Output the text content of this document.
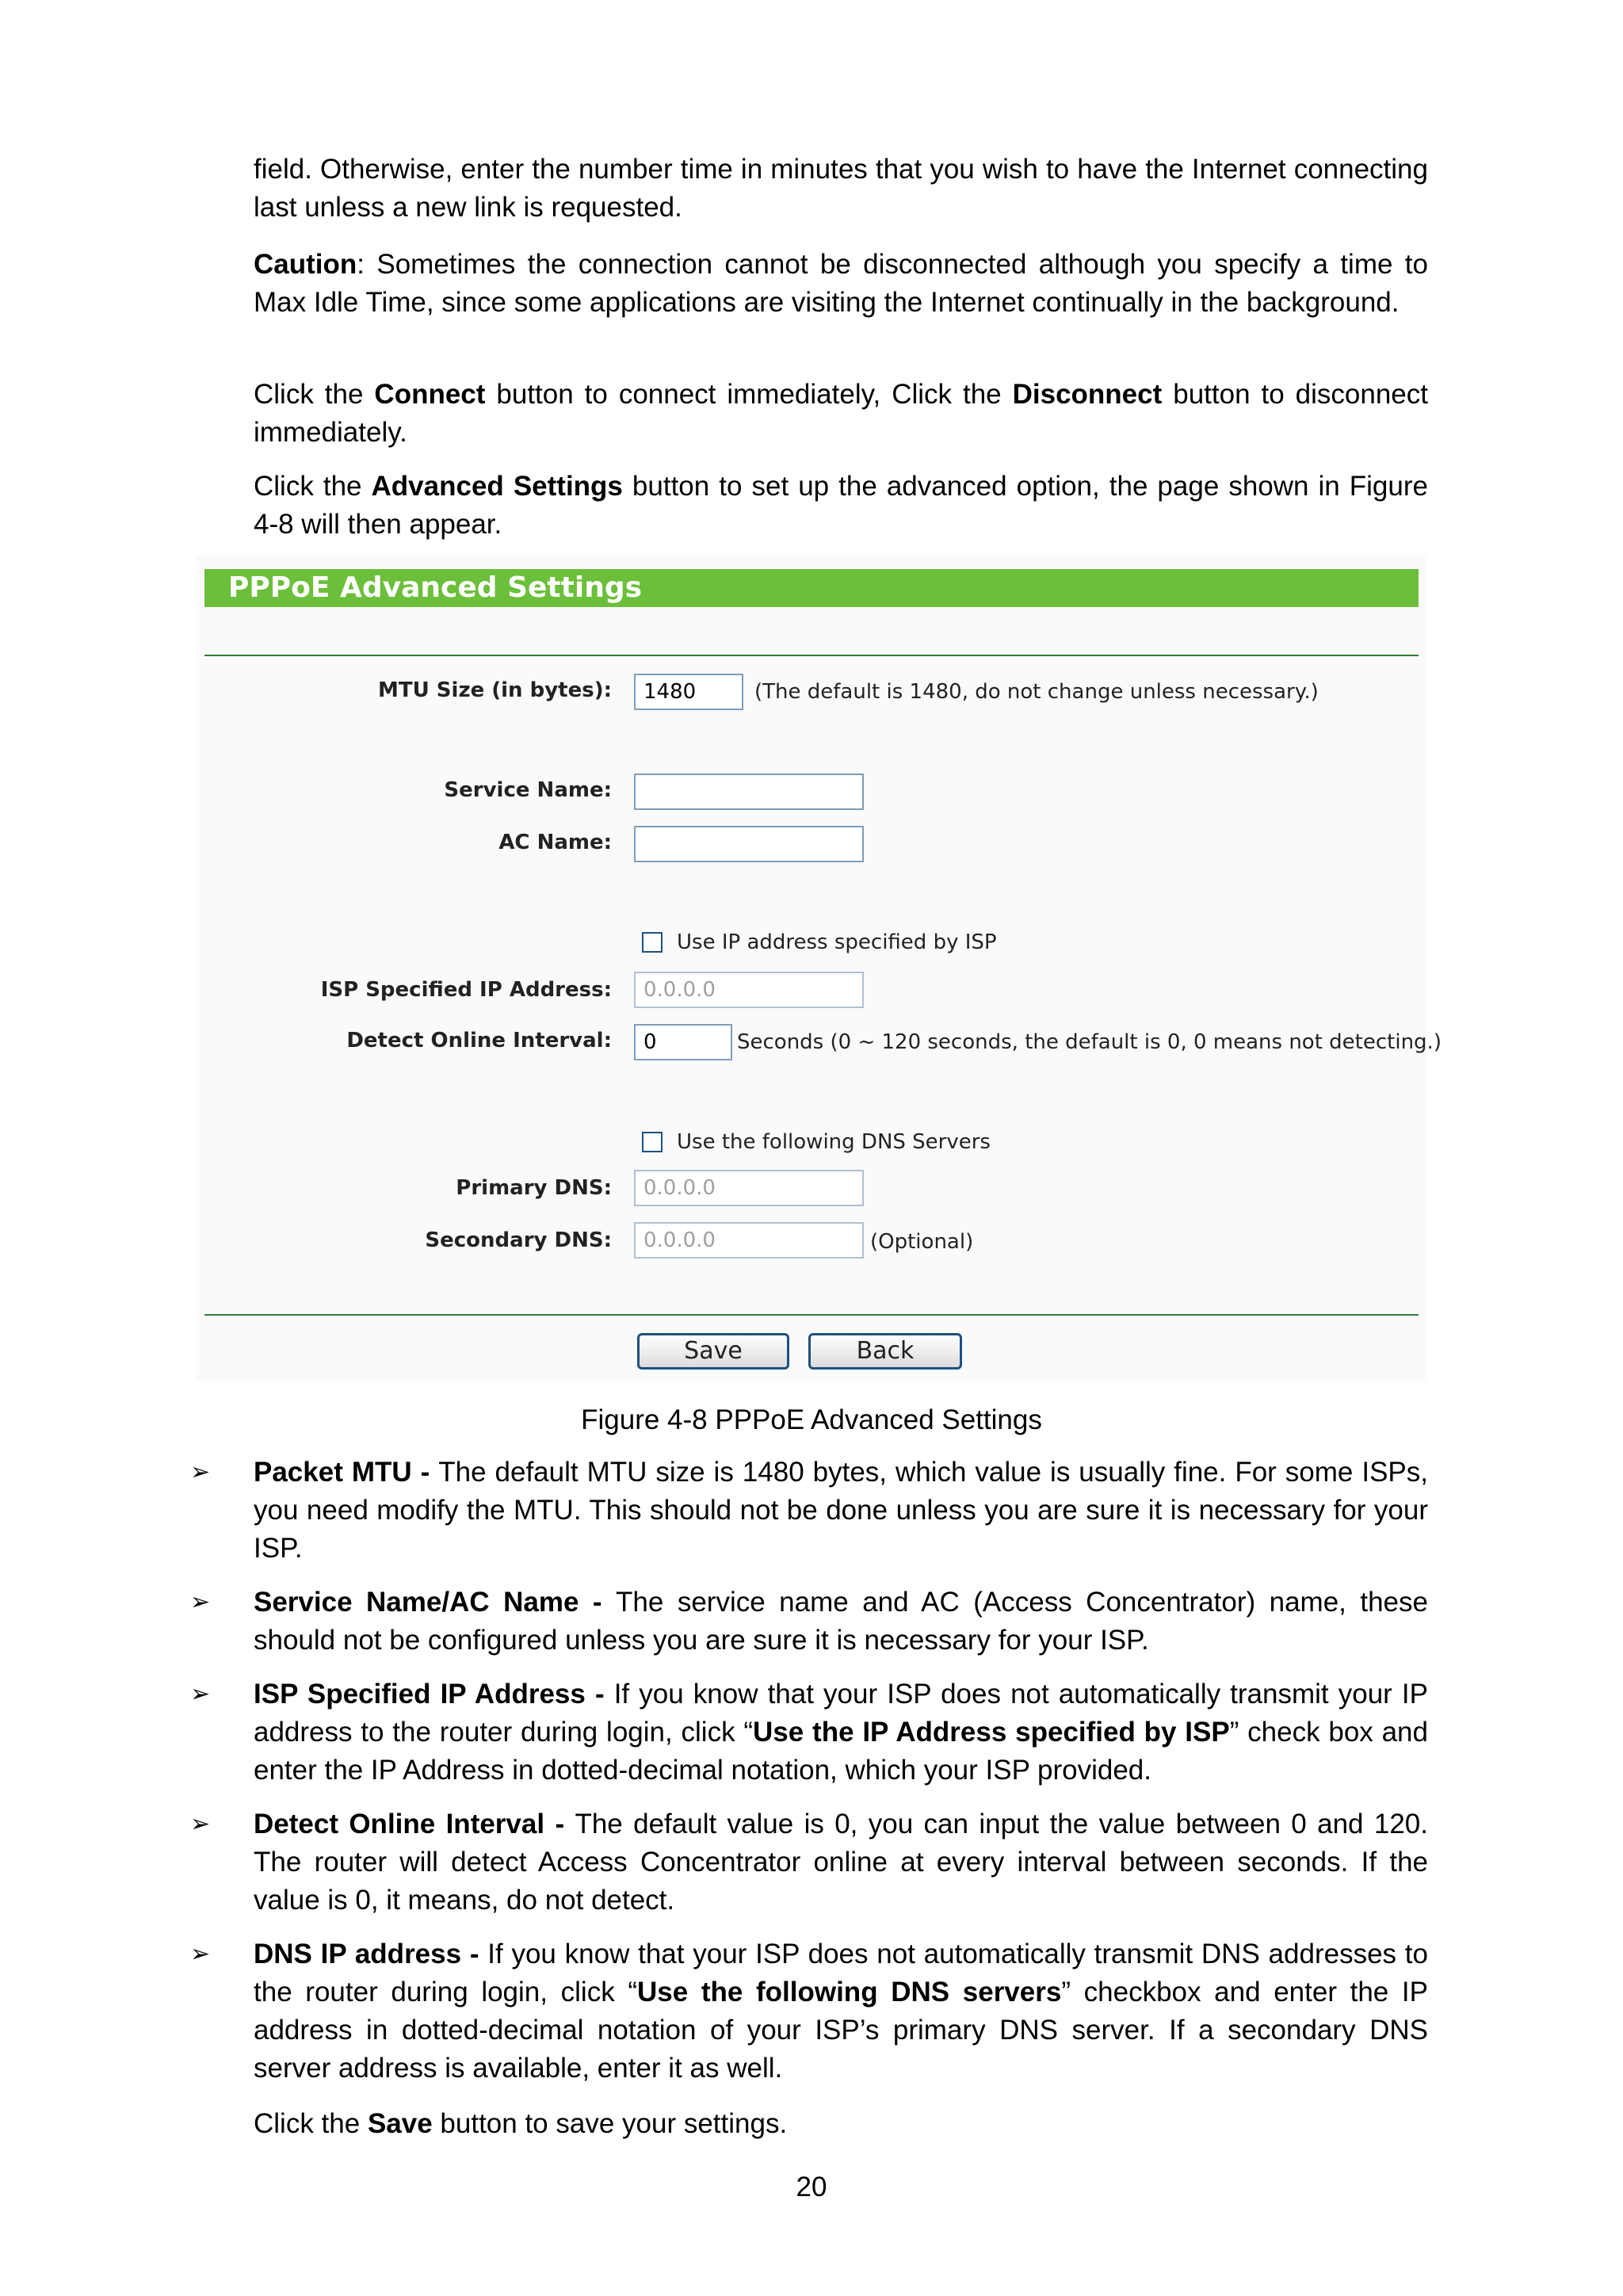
field. Otherwise, enter the number time in minutes that you wish to have the Internet connecting last unless a new link is requested.

Caution: Sometimes the connection cannot be disconnected although you specify a time to Max Idle Time, since some applications are visiting the Internet continually in the background.

Click the Connect button to connect immediately, Click the Disconnect button to disconnect immediately.

Click the Advanced Settings button to set up the advanced option, the page shown in Figure 4-8 will then appear.

PPPoE Advanced Settings
MTU Size (in bytes):	1480	(The default is 1480, do not change unless necessary.)
Service Name:
AC Name:
Use IP address specified by ISP
ISP Specified IP Address:	0.0.0.0
Detect Online Interval:	0	Seconds (0 ~ 120 seconds, the default is 0, 0 means not detecting.)
Use the following DNS Servers
Primary DNS:	0.0.0.0
Secondary DNS:	0.0.0.0	(Optional)
Save	Back
Figure 4-8 PPPoE Advanced Settings
➢	Packet MTU - The default MTU size is 1480 bytes, which value is usually fine. For some ISPs, you need modify the MTU. This should not be done unless you are sure it is necessary for your ISP.

➢	Service Name/AC Name - The service name and AC (Access Concentrator) name, these should not be configured unless you are sure it is necessary for your ISP.

➢	ISP Specified IP Address - If you know that your ISP does not automatically transmit your IP address to the router during login, click “Use the IP Address specified by ISP” check box and enter the IP Address in dotted-decimal notation, which your ISP provided.

➢	Detect Online Interval - The default value is 0, you can input the value between 0 and 120. The router will detect Access Concentrator online at every interval between seconds. If the value is 0, it means, do not detect.

➢	DNS IP address - If you know that your ISP does not automatically transmit DNS addresses to the router during login, click “Use the following DNS servers” checkbox and enter the IP address in dotted-decimal notation of your ISP’s primary DNS server. If a secondary DNS server address is available, enter it as well.

Click the Save button to save your settings.

20
